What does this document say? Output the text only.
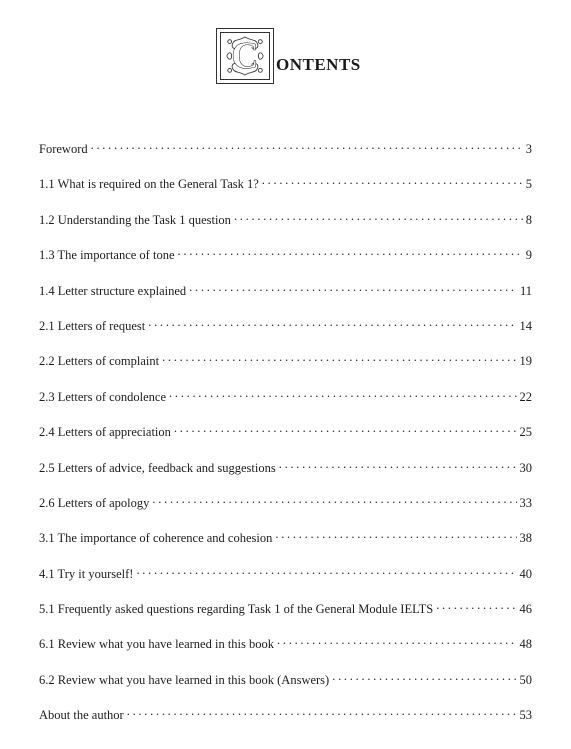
C ONTENTS
Foreword . . .	3
1.1 What is required on the General Task 1? . . .	5
1.2 Understanding the Task 1 question . . .	8
1.3 The importance of tone . . .	9
1.4 Letter structure explained . . .	11
2.1 Letters of request . . .	14
2.2 Letters of complaint . . .	19
2.3 Letters of condolence . . .	22
2.4 Letters of appreciation . . .	25
2.5 Letters of advice, feedback and suggestions . . .	30
2.6 Letters of apology . . .	33
3.1 The importance of coherence and cohesion . . .	38
4.1 Try it yourself! . . .	40
5.1 Frequently asked questions regarding Task 1 of the General Module IELTS . . .	46
6.1 Review what you have learned in this book . . .	48
6.2 Review what you have learned in this book (Answers) . . .	50
About the author . . .	53
